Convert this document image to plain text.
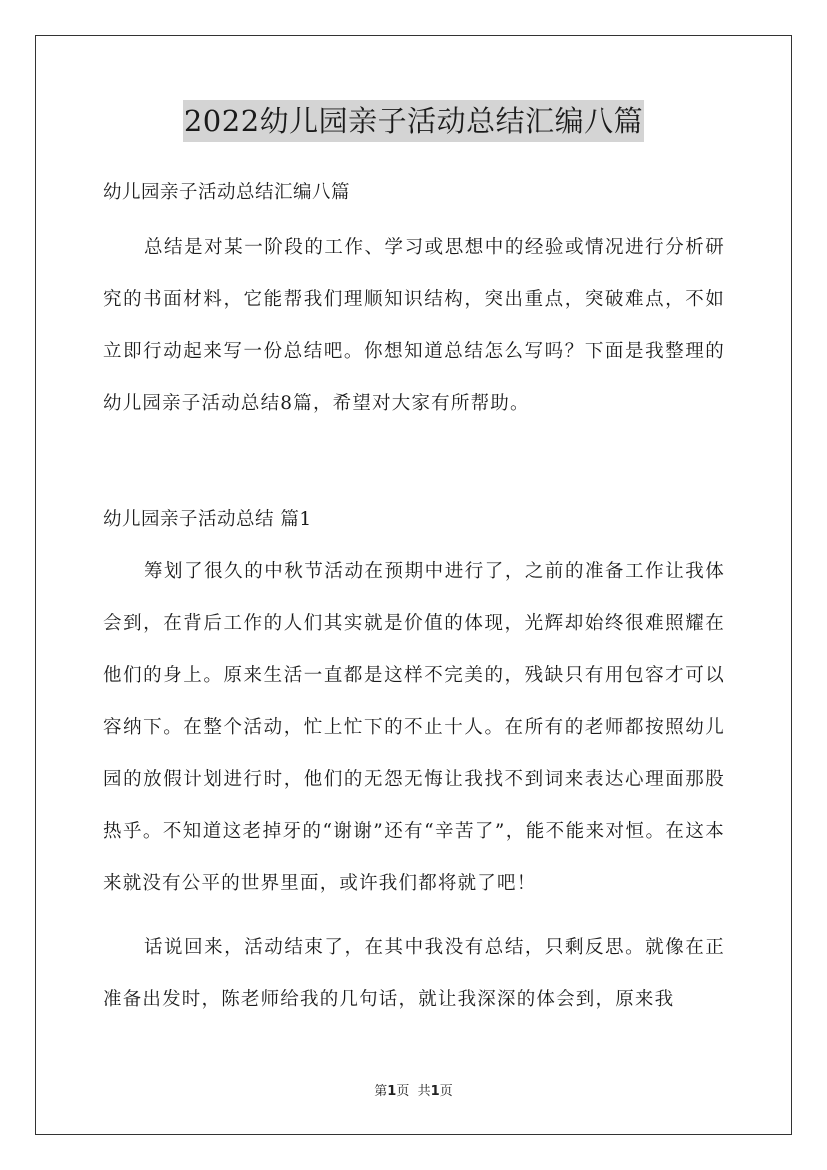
2022幼儿园亲子活动总结汇编八篇

幼儿园亲子活动总结汇编八篇

总结是对某一阶段的工作、学习或思想中的经验或情况进行分析研究的书面材料，它能帮我们理顺知识结构，突出重点，突破难点，不如立即行动起来写一份总结吧。你想知道总结怎么写吗？下面是我整理的幼儿园亲子活动总结8篇，希望对大家有所帮助。

幼儿园亲子活动总结 篇1

筹划了很久的中秋节活动在预期中进行了，之前的准备工作让我体会到，在背后工作的人们其实就是价值的体现，光辉却始终很难照耀在他们的身上。原来生活一直都是这样不完美的，残缺只有用包容才可以容纳下。在整个活动，忙上忙下的不止十人。在所有的老师都按照幼儿园的放假计划进行时，他们的无怨无悔让我找不到词来表达心理面那股热乎。不知道这老掉牙的“谢谢”还有“辛苦了”，能不能来对恒。在这本来就没有公平的世界里面，或许我们都将就了吧！

话说回来，活动结束了，在其中我没有总结，只剩反思。就像在正准备出发时，陈老师给我的几句话，就让我深深的体会到，原来我

第1页 共1页
